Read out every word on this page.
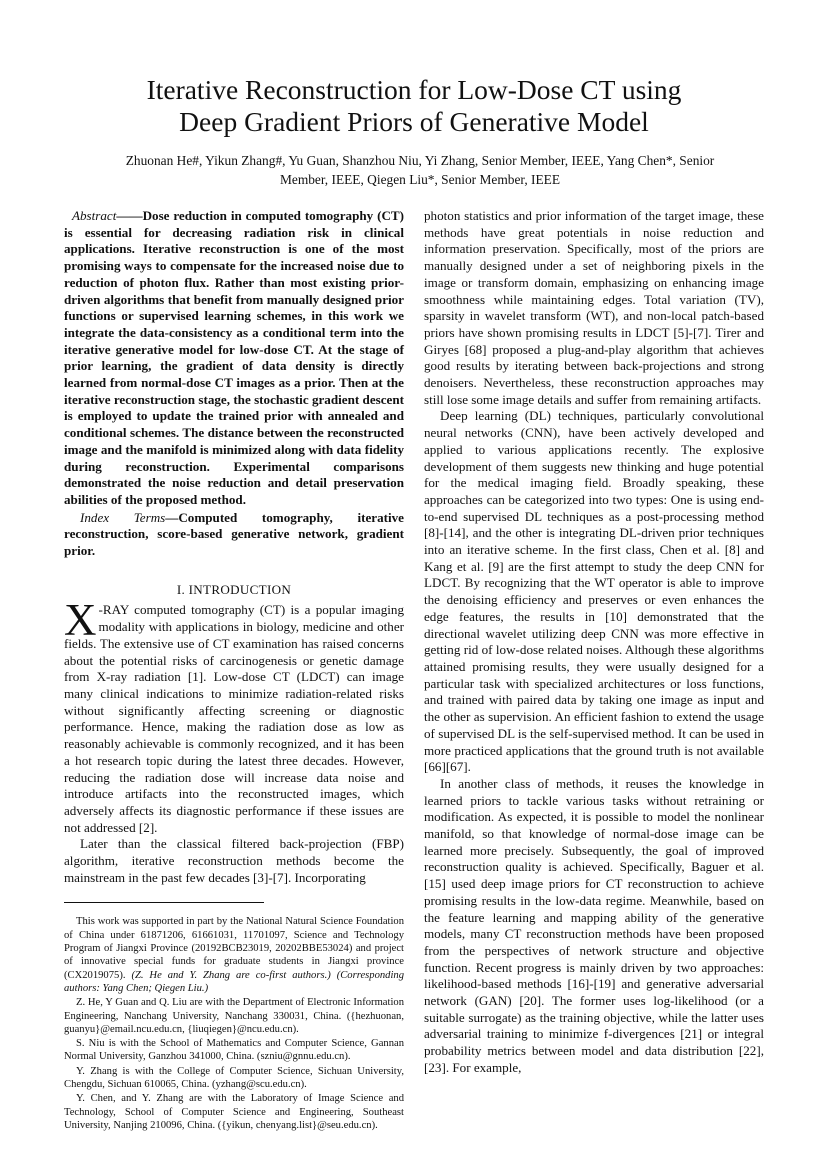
Iterative Reconstruction for Low-Dose CT using
Deep Gradient Priors of Generative Model
Zhuonan He#, Yikun Zhang#, Yu Guan, Shanzhou Niu, Yi Zhang, Senior Member, IEEE, Yang Chen*, Senior
Member, IEEE, Qiegen Liu*, Senior Member, IEEE

Abstract——Dose reduction in computed tomography (CT) is essential for decreasing radiation risk in clinical applications. Iterative reconstruction is one of the most promising ways to compensate for the increased noise due to reduction of photon flux. Rather than most existing prior-driven algorithms that benefit from manually designed prior functions or supervised learning schemes, in this work we integrate the data-consistency as a conditional term into the iterative generative model for low-dose CT. At the stage of prior learning, the gradient of data density is directly learned from normal-dose CT images as a prior. Then at the iterative reconstruction stage, the stochastic gradient descent is employed to update the trained prior with annealed and conditional schemes. The distance between the reconstructed image and the manifold is minimized along with data fidelity during reconstruction. Experimental comparisons demonstrated the noise reduction and detail preservation abilities of the proposed method.

Index Terms—Computed tomography, iterative reconstruction, score-based generative network, gradient prior.

I. INTRODUCTION

X -RAY computed tomography (CT) is a popular imaging modality with applications in biology, medicine and other fields. The extensive use of CT examination has raised concerns about the potential risks of carcinogenesis or genetic damage from X-ray radiation [1]. Low-dose CT (LDCT) can image many clinical indications to minimize radiation-related risks without significantly affecting screening or diagnostic performance. Hence, making the radiation dose as low as reasonably achievable is commonly recognized, and it has been a hot research topic during the latest three decades. However, reducing the radiation dose will increase data noise and introduce artifacts into the reconstructed images, which adversely affects its diagnostic performance if these issues are not addressed [2].

Later than the classical filtered back-projection (FBP) algorithm, iterative reconstruction methods become the mainstream in the past few decades [3]-[7]. Incorporating

This work was supported in part by the National Natural Science Foundation of China under 61871206, 61661031, 11701097, Science and Technology Program of Jiangxi Province (20192BCB23019, 20202BBE53024) and project of innovative special funds for graduate students in Jiangxi province (CX2019075). (Z. He and Y. Zhang are co-first authors.) (Corresponding authors: Yang Chen; Qiegen Liu.)

Z. He, Y Guan and Q. Liu are with the Department of Electronic Information Engineering, Nanchang University, Nanchang 330031, China. ({hezhuonan, guanyu}@email.ncu.edu.cn, {liuqiegen}@ncu.edu.cn).

S. Niu is with the School of Mathematics and Computer Science, Gannan Normal University, Ganzhou 341000, China. (szniu@gnnu.edu.cn).

Y. Zhang is with the College of Computer Science, Sichuan University, Chengdu, Sichuan 610065, China. (yzhang@scu.edu.cn).

Y. Chen, and Y. Zhang are with the Laboratory of Image Science and Technology, School of Computer Science and Engineering, Southeast University, Nanjing 210096, China. ({yikun, chenyang.list}@seu.edu.cn).

photon statistics and prior information of the target image, these methods have great potentials in noise reduction and information preservation. Specifically, most of the priors are manually designed under a set of neighboring pixels in the image or transform domain, emphasizing on enhancing image smoothness while maintaining edges. Total variation (TV), sparsity in wavelet transform (WT), and non-local patch-based priors have shown promising results in LDCT [5]-[7]. Tirer and Giryes [68] proposed a plug-and-play algorithm that achieves good results by iterating between back-projections and strong denoisers. Nevertheless, these reconstruction approaches may still lose some image details and suffer from remaining artifacts.

Deep learning (DL) techniques, particularly convolutional neural networks (CNN), have been actively developed and applied to various applications recently. The explosive development of them suggests new thinking and huge potential for the medical imaging field. Broadly speaking, these approaches can be categorized into two types: One is using end-to-end supervised DL techniques as a post-processing method [8]-[14], and the other is integrating DL-driven prior techniques into an iterative scheme. In the first class, Chen et al. [8] and Kang et al. [9] are the first attempt to study the deep CNN for LDCT. By recognizing that the WT operator is able to improve the denoising efficiency and preserves or even enhances the edge features, the results in [10] demonstrated that the directional wavelet utilizing deep CNN was more effective in getting rid of low-dose related noises. Although these algorithms attained promising results, they were usually designed for a particular task with specialized architectures or loss functions, and trained with paired data by taking one image as input and the other as supervision. An efficient fashion to extend the usage of supervised DL is the self-supervised method. It can be used in more practiced applications that the ground truth is not available [66][67].

In another class of methods, it reuses the knowledge in learned priors to tackle various tasks without retraining or modification. As expected, it is possible to model the nonlinear manifold, so that knowledge of normal-dose image can be learned more precisely. Subsequently, the goal of improved reconstruction quality is achieved. Specifically, Baguer et al. [15] used deep image priors for CT reconstruction to achieve promising results in the low-data regime. Meanwhile, based on the feature learning and mapping ability of the generative models, many CT reconstruction methods have been proposed from the perspectives of network structure and objective function. Recent progress is mainly driven by two approaches: likelihood-based methods [16]-[19] and generative adversarial network (GAN) [20]. The former uses log-likelihood (or a suitable surrogate) as the training objective, while the latter uses adversarial training to minimize f-divergences [21] or integral probability metrics between model and data distribution [22], [23]. For example,
